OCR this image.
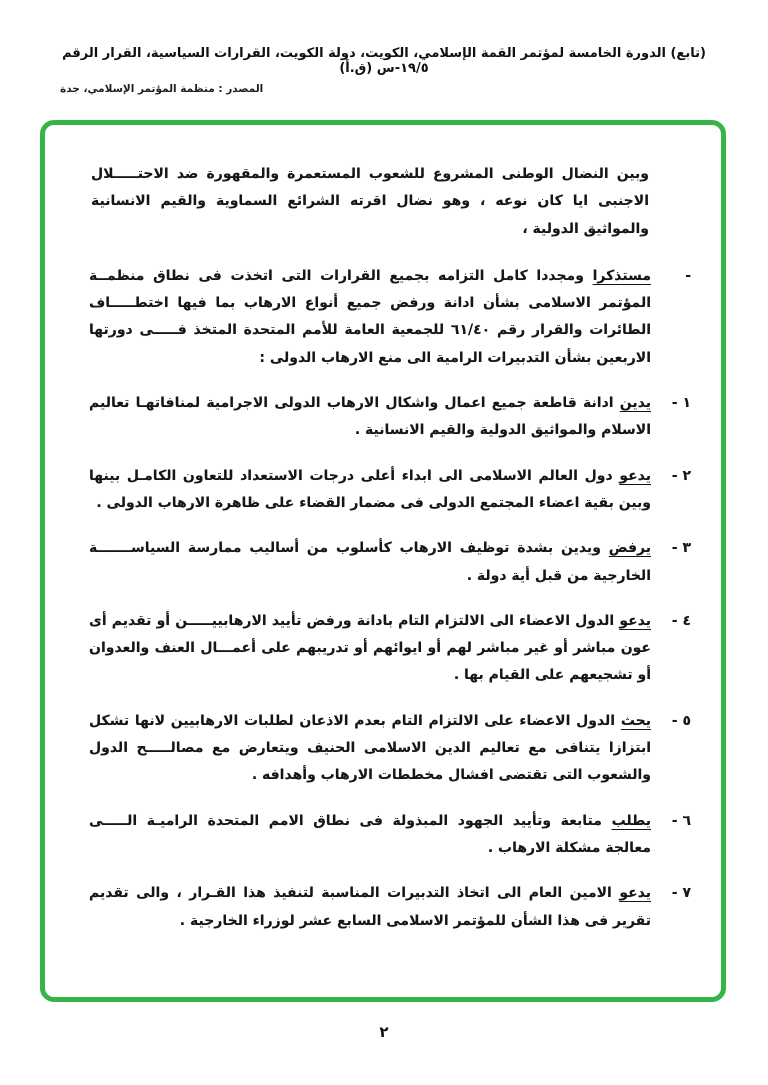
(تابع) الدورة الخامسة لمؤتمر القمة الإسلامي، الكويت، دولة الكويت، القرارات السياسية، القرار الرقم ١٩/٥-س (ق.أ)
المصدر : منظمة المؤتمر الإسلامي، جدة

وبين النضال الوطنى المشروع للشعوب المستعمرة والمقهورة ضد الاحتـــــلال الاجنبى ايا كان نوعه ، وهو نضال اقرته الشرائع السماوية والقيم الانسانية والمواثيق الدولية ،

-

مستذكرا ومجددا كامل التزامه بجميع القرارات التى اتخذت فى نطاق منظمــة المؤتمر الاسلامى بشأن ادانة ورفض جميع أنواع الارهاب بما فيها اختطـــــاف الطائرات والقرار رقم ٦١/٤٠ للجمعية العامة للأمم المتحدة المتخذ فـــــى دورتها الاربعين بشأن التدبيرات الرامية الى منع الارهاب الدولى :

١ -

يدين ادانة قاطعة جميع اعمال واشكال الارهاب الدولى الاجرامية لمنافاتهـا تعاليم الاسلام والمواثيق الدولية والقيم الانسانية .

٢ -

يدعو دول العالم الاسلامى الى ابداء أعلى درجات الاستعداد للتعاون الكامـل بينها وبين بقية اعضاء المجتمع الدولى فى مضمار القضاء على ظاهرة الارهاب الدولى .

٣ -

يرفض ويدين بشدة توظيف الارهاب كأسلوب من أساليب ممارسة السياســـــــة الخارجية من قبل أية دولة .

٤ -

يدعو الدول الاعضاء الى الالتزام التام بادانة ورفض تأييد الارهابييـــــن أو تقديم أى عون مباشر أو غير مباشر لهم أو ايوائهم أو تدريبهم على أعمـــال العنف والعدوان أو تشجيعهم على القيام بها .

٥ -

يحث الدول الاعضاء على الالتزام التام بعدم الاذعان لطلبات الارهابيين لانها تشكل ابتزازا يتنافى مع تعاليم الدين الاسلامى الحنيف ويتعارض مع مصالـــــح الدول والشعوب التى تقتضى افشال مخططات الارهاب وأهدافه .

٦ -

يطلب متابعة وتأييد الجهود المبذولة فى نطاق الامم المتحدة الراميـة الـــــى معالجة مشكلة الارهاب .

٧ -

يدعو الامين العام الى اتخاذ التدبيرات المناسبة لتنفيذ هذا القـرار ، والى تقديم تقرير فى هذا الشأن للمؤتمر الاسلامى السابع عشر لوزراء الخارجية .

٢
